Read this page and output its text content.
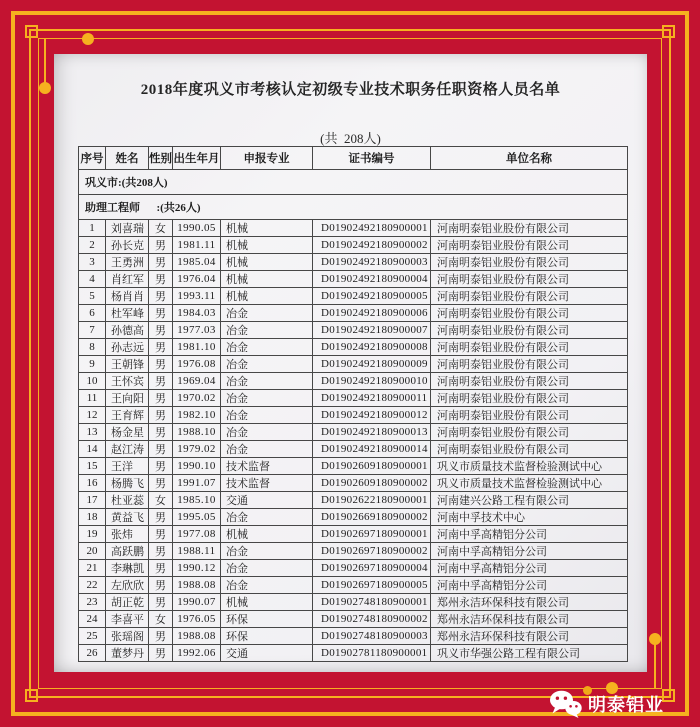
2018年度巩义市考核认定初级专业技术职务任职资格人员名单
(共  208人)
序号	姓名	性别	出生年月	申报专业	证书编号	单位名称
巩义市:(共208人)						
助理工程师      :(共26人)						
1	刘喜瑞	女	1990.05	机械	D01902492180900001	河南明泰铝业股份有限公司
2	孙长克	男	1981.11	机械	D01902492180900002	河南明泰铝业股份有限公司
3	王勇洲	男	1985.04	机械	D01902492180900003	河南明泰铝业股份有限公司
4	肖红军	男	1976.04	机械	D01902492180900004	河南明泰铝业股份有限公司
5	杨肖肖	男	1993.11	机械	D01902492180900005	河南明泰铝业股份有限公司
6	杜军峰	男	1984.03	冶金	D01902492180900006	河南明泰铝业股份有限公司
7	孙德高	男	1977.03	冶金	D01902492180900007	河南明泰铝业股份有限公司
8	孙志远	男	1981.10	冶金	D01902492180900008	河南明泰铝业股份有限公司
9	王朝锋	男	1976.08	冶金	D01902492180900009	河南明泰铝业股份有限公司
10	王怀宾	男	1969.04	冶金	D01902492180900010	河南明泰铝业股份有限公司
11	王向阳	男	1970.02	冶金	D01902492180900011	河南明泰铝业股份有限公司
12	王育辉	男	1982.10	冶金	D01902492180900012	河南明泰铝业股份有限公司
13	杨金星	男	1988.10	冶金	D01902492180900013	河南明泰铝业股份有限公司
14	赵江涛	男	1979.02	冶金	D01902492180900014	河南明泰铝业股份有限公司
15	王洋	男	1990.10	技术监督	D01902609180900001	巩义市质量技术监督检验测试中心
16	杨腾飞	男	1991.07	技术监督	D01902609180900002	巩义市质量技术监督检验测试中心
17	杜亚蕊	女	1985.10	交通	D01902622180900001	河南建兴公路工程有限公司
18	黄益飞	男	1995.05	冶金	D01902669180900002	河南中孚技术中心
19	张炜	男	1977.08	机械	D01902697180900001	河南中孚高精铝分公司
20	高跃鹏	男	1988.11	冶金	D01902697180900002	河南中孚高精铝分公司
21	李琳凯	男	1990.12	冶金	D01902697180900004	河南中孚高精铝分公司
22	左欣欣	男	1988.08	冶金	D01902697180900005	河南中孚高精铝分公司
23	胡正乾	男	1990.07	机械	D01902748180900001	郑州永洁环保科技有限公司
24	李喜平	女	1976.05	环保	D01902748180900002	郑州永洁环保科技有限公司
25	张瑶阁	男	1988.08	环保	D01902748180900003	郑州永洁环保科技有限公司
26	董梦丹	男	1992.06	交通	D01902781180900001	巩义市华强公路工程有限公司
明泰铝业
